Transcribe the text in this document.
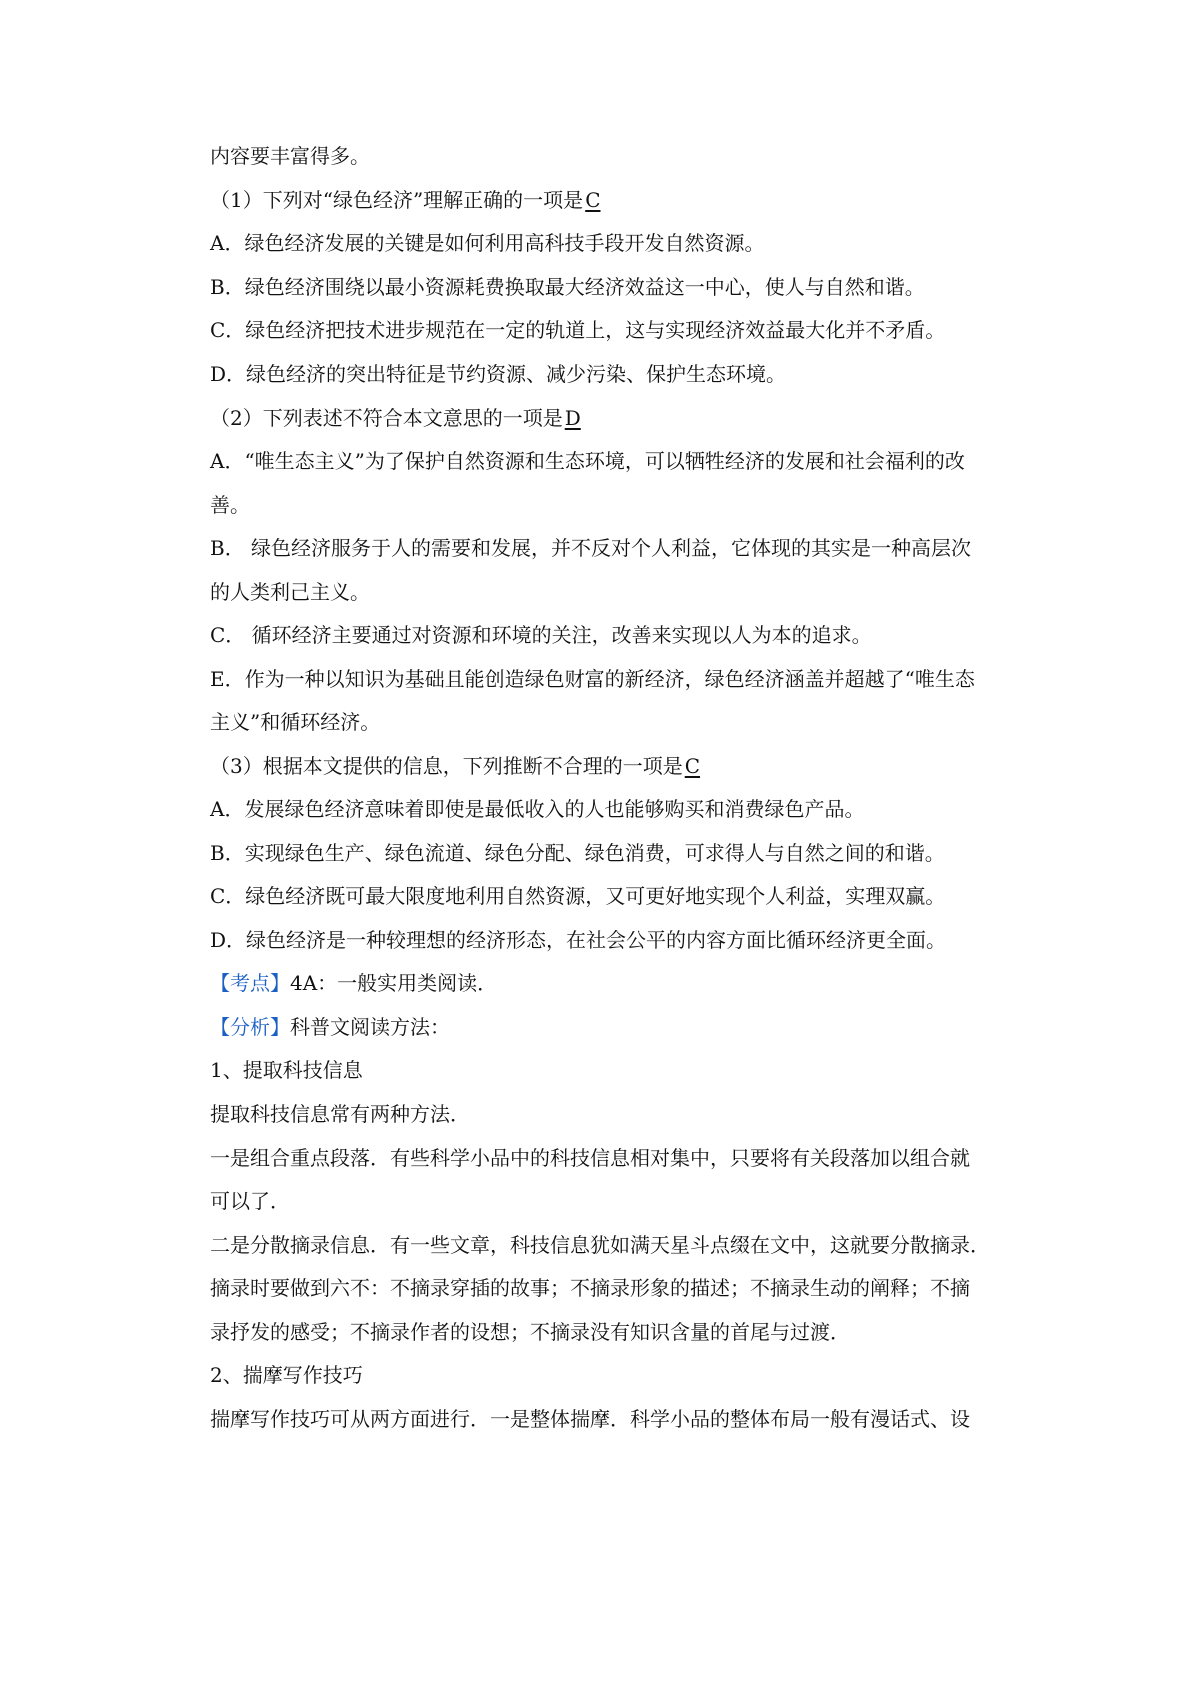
内容要丰富得多。
（1）下列对“绿色经济”理解正确的一项是C
A．绿色经济发展的关键是如何利用高科技手段开发自然资源。
B．绿色经济围绕以最小资源耗费换取最大经济效益这一中心，使人与自然和谐。
C．绿色经济把技术进步规范在一定的轨道上，这与实现经济效益最大化并不矛盾。
D．绿色经济的突出特征是节约资源、减少污染、保护生态环境。
（2）下列表述不符合本文意思的一项是D
A．“唯生态主义”为了保护自然资源和生态环境，可以牺牲经济的发展和社会福利的改
善。
B． 绿色经济服务于人的需要和发展，并不反对个人利益，它体现的其实是一种高层次
的人类利己主义。
C． 循环经济主要通过对资源和环境的关注，改善来实现以人为本的追求。
E．作为一种以知识为基础且能创造绿色财富的新经济，绿色经济涵盖并超越了“唯生态
主义”和循环经济。
（3）根据本文提供的信息，下列推断不合理的一项是C
A．发展绿色经济意味着即使是最低收入的人也能够购买和消费绿色产品。
B．实现绿色生产、绿色流道、绿色分配、绿色消费，可求得人与自然之间的和谐。
C．绿色经济既可最大限度地利用自然资源，又可更好地实现个人利益，实理双赢。
D．绿色经济是一种较理想的经济形态，在社会公平的内容方面比循环经济更全面。
【考点】4A：一般实用类阅读．
【分析】科普文阅读方法：
1、提取科技信息
提取科技信息常有两种方法．
一是组合重点段落．有些科学小品中的科技信息相对集中，只要将有关段落加以组合就
可以了．
二是分散摘录信息．有一些文章，科技信息犹如满天星斗点缀在文中，这就要分散摘录．
摘录时要做到六不：不摘录穿插的故事；不摘录形象的描述；不摘录生动的阐释；不摘
录抒发的感受；不摘录作者的设想；不摘录没有知识含量的首尾与过渡．
2、揣摩写作技巧
揣摩写作技巧可从两方面进行．一是整体揣摩．科学小品的整体布局一般有漫话式、设
